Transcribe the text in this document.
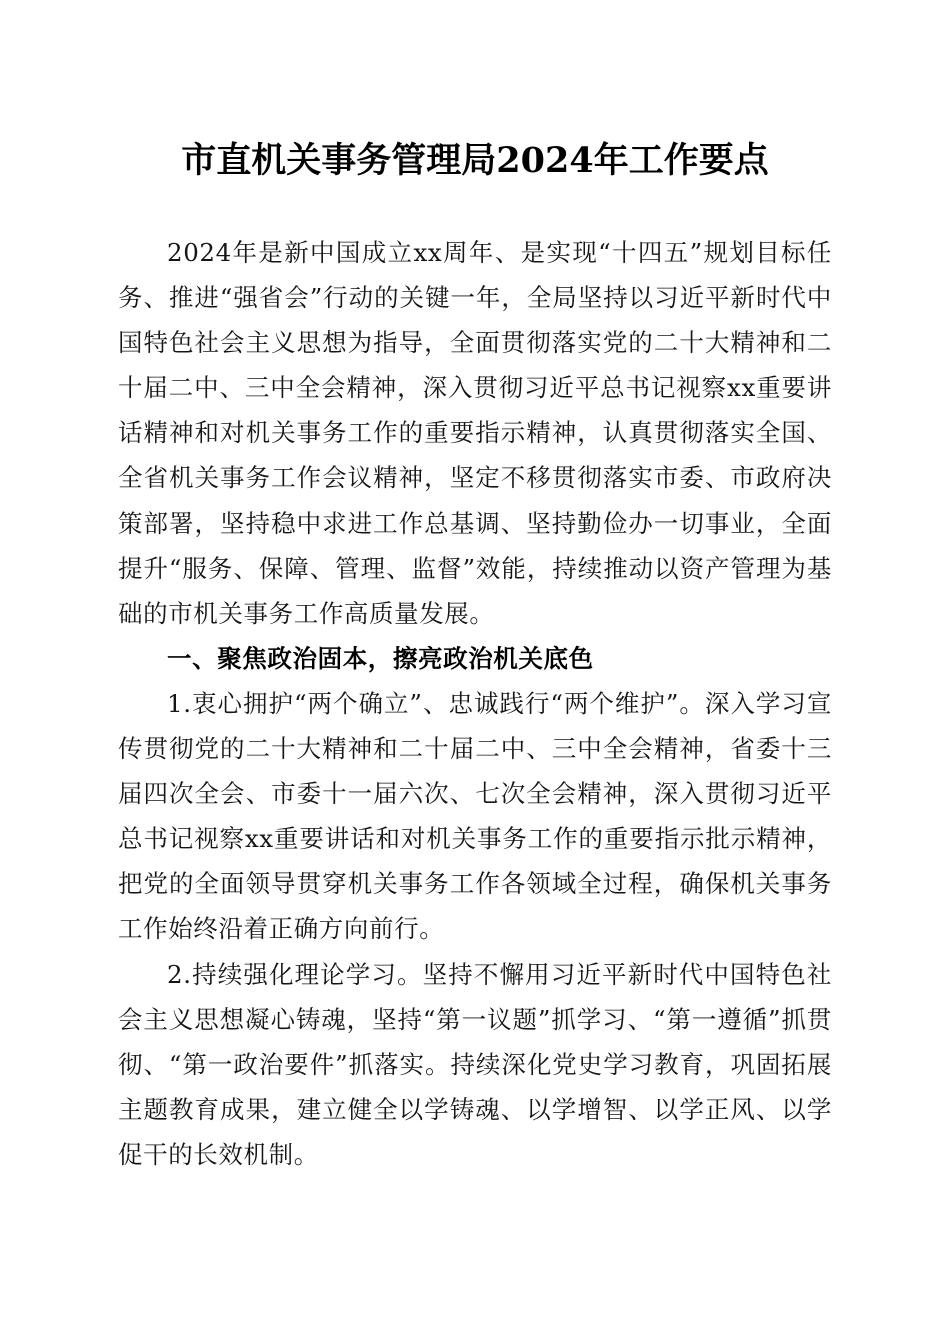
市直机关事务管理局2024年工作要点

2024年是新中国成立xx周年、是实现“十四五”规划目标任务、推进“强省会”行动的关键一年，全局坚持以习近平新时代中国特色社会主义思想为指导，全面贯彻落实党的二十大精神和二十届二中、三中全会精神，深入贯彻习近平总书记视察xx重要讲话精神和对机关事务工作的重要指示精神，认真贯彻落实全国、全省机关事务工作会议精神，坚定不移贯彻落实市委、市政府决策部署，坚持稳中求进工作总基调、坚持勤俭办一切事业，全面提升“服务、保障、管理、监督”效能，持续推动以资产管理为基础的市机关事务工作高质量发展。

一、聚焦政治固本，擦亮政治机关底色

1.衷心拥护“两个确立”、忠诚践行“两个维护”。深入学习宣传贯彻党的二十大精神和二十届二中、三中全会精神，省委十三届四次全会、市委十一届六次、七次全会精神，深入贯彻习近平总书记视察xx重要讲话和对机关事务工作的重要指示批示精神，把党的全面领导贯穿机关事务工作各领域全过程，确保机关事务工作始终沿着正确方向前行。

2.持续强化理论学习。坚持不懈用习近平新时代中国特色社会主义思想凝心铸魂，坚持“第一议题”抓学习、“第一遵循”抓贯彻、“第一政治要件”抓落实。持续深化党史学习教育，巩固拓展主题教育成果，建立健全以学铸魂、以学增智、以学正风、以学促干的长效机制。
